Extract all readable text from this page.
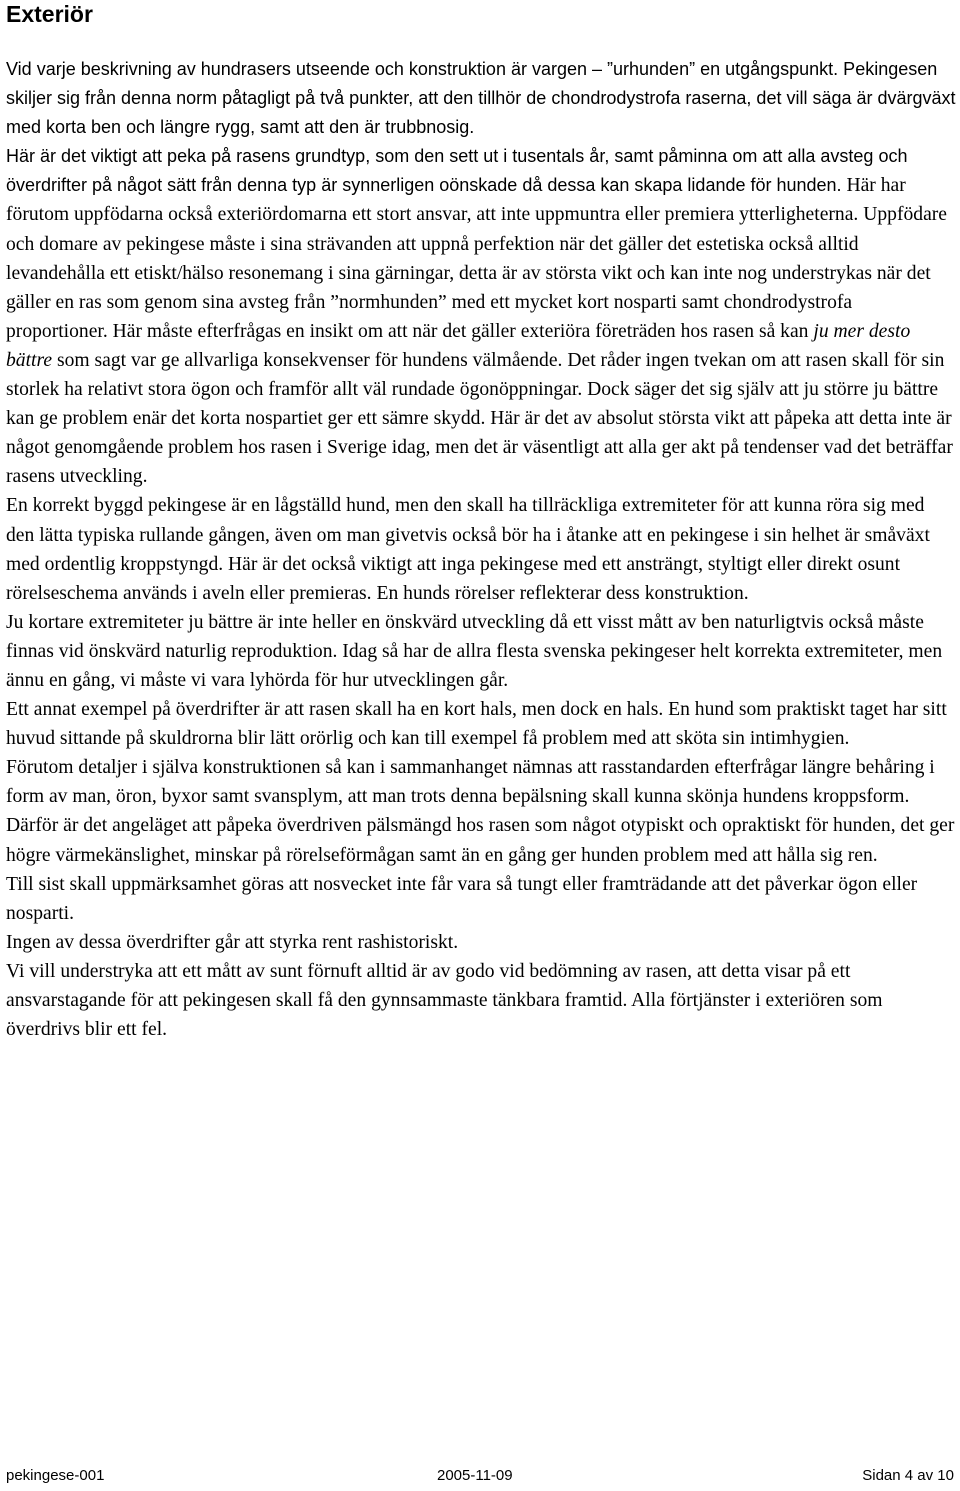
Exteriör

Vid varje beskrivning av hundrasers utseende och konstruktion är vargen – ”urhunden” en utgångspunkt. Pekingesen skiljer sig från denna norm påtagligt på två punkter, att den tillhör de chondrodystrofa raserna, det vill säga är dvärgväxt med korta ben och längre rygg, samt att den är trubbnosig.

Här är det viktigt att peka på rasens grundtyp, som den sett ut i tusentals år, samt påminna om att alla avsteg och överdrifter på något sätt från denna typ är synnerligen oönskade då dessa kan skapa lidande för hunden. Här har förutom uppfödarna också exteriördomarna ett stort ansvar, att inte uppmuntra eller premiera ytterligheterna. Uppfödare och domare av pekingese måste i sina strävanden att uppnå perfektion när det gäller det estetiska också alltid levandehålla ett etiskt/hälso resonemang i sina gärningar, detta är av största vikt och kan inte nog understrykas när det gäller en ras som genom sina avsteg från ”normhunden” med ett mycket kort nosparti samt chondrodystrofa proportioner. Här måste efterfrågas en insikt om att när det gäller exteriöra företräden hos rasen så kan ju mer desto bättre som sagt var ge allvarliga konsekvenser för hundens välmående. Det råder ingen tvekan om att rasen skall för sin storlek ha relativt stora ögon och framför allt väl rundade ögonöppningar. Dock säger det sig själv att ju större ju bättre kan ge problem enär det korta nospartiet ger ett sämre skydd. Här är det av absolut största vikt att påpeka att detta inte är något genomgående problem hos rasen i Sverige idag, men det är väsentligt att alla ger akt på tendenser vad det beträffar rasens utveckling.

En korrekt byggd pekingese är en lågställd hund, men den skall ha tillräckliga extremiteter för att kunna röra sig med den lätta typiska rullande gången, även om man givetvis också bör ha i åtanke att en pekingese i sin helhet är småväxt med ordentlig kroppstyngd. Här är det också viktigt att inga pekingese med ett ansträngt, styltigt eller direkt osunt rörelseschema används i aveln eller premieras. En hunds rörelser reflekterar dess konstruktion.

Ju kortare extremiteter ju bättre är inte heller en önskvärd utveckling då ett visst mått av ben naturligtvis också måste finnas vid önskvärd naturlig reproduktion. Idag så har de allra flesta svenska pekingeser helt korrekta extremiteter, men ännu en gång, vi måste vi vara lyhörda för hur utvecklingen går.

Ett annat exempel på överdrifter är att rasen skall ha en kort hals, men dock en hals. En hund som praktiskt taget har sitt huvud sittande på skuldrorna blir lätt orörlig och kan till exempel få problem med att sköta sin intimhygien.

Förutom detaljer i själva konstruktionen så kan i sammanhanget nämnas att rasstandarden efterfrågar längre behåring i form av man, öron, byxor samt svansplym, att man trots denna bepälsning skall kunna skönja hundens kroppsform. Därför är det angeläget att påpeka överdriven pälsmängd hos rasen som något otypiskt och opraktiskt för hunden, det ger högre värmekänslighet, minskar på rörelseförmågan samt än en gång ger hunden problem med att hålla sig ren.

Till sist skall uppmärksamhet göras att nosvecket inte får vara så tungt eller framträdande att det påverkar ögon eller nosparti.

Ingen av dessa överdrifter går att styrka rent rashistoriskt.

Vi vill understryka att ett mått av sunt förnuft alltid är av godo vid bedömning av rasen, att detta visar på ett ansvarstagande för att pekingesen skall få den gynnsammaste tänkbara framtid. Alla förtjänster i exteriören som överdrivs blir ett fel.

pekingese-001	2005-11-09	Sidan 4 av 10
